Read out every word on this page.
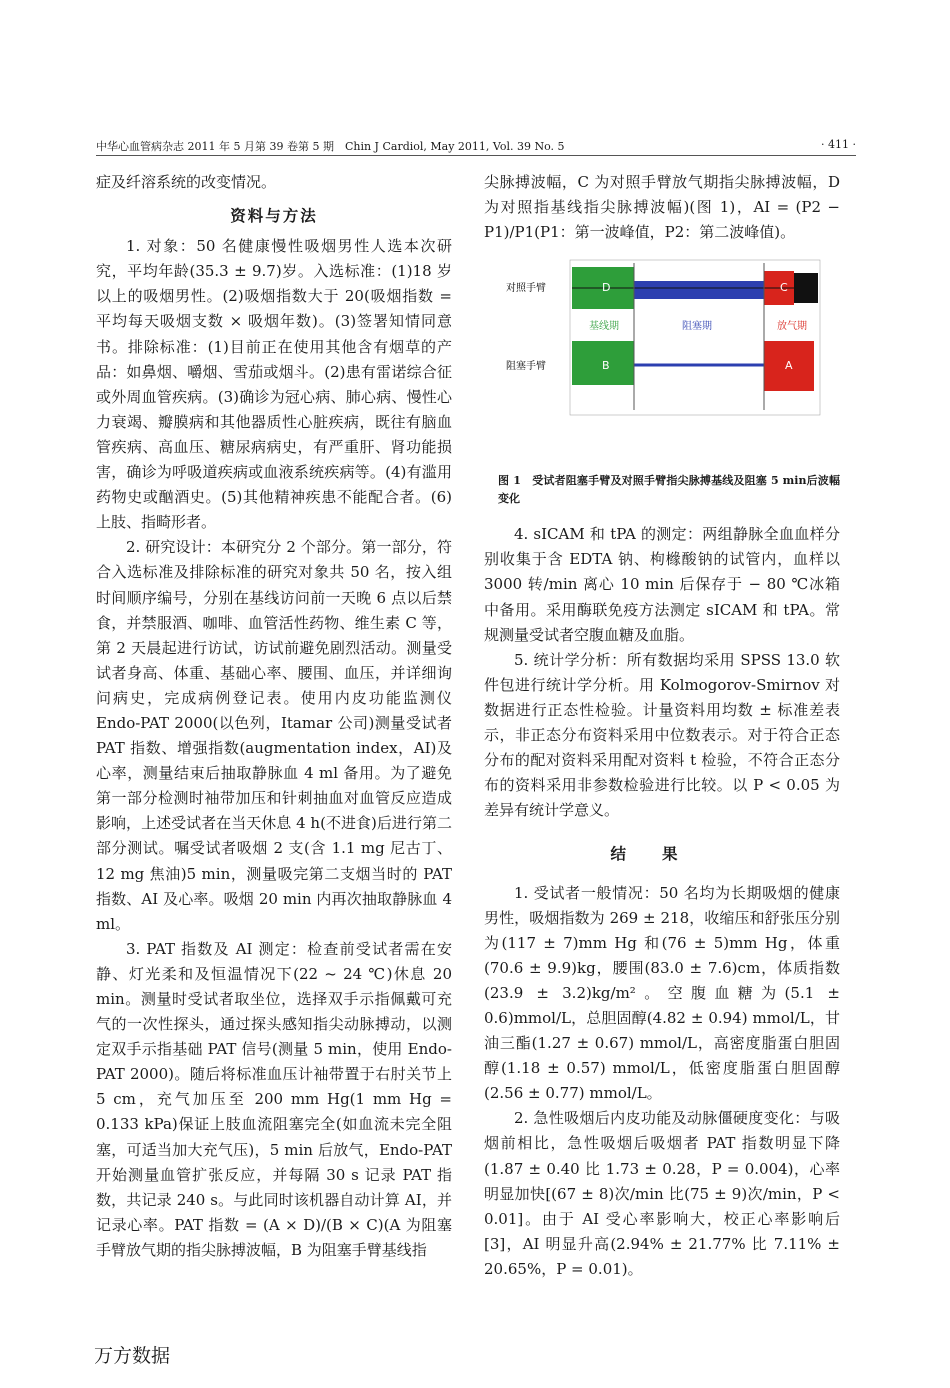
中华心血管病杂志 2011 年 5 月第 39 卷第 5 期　Chin J Cardiol, May 2011, Vol. 39 No. 5	· 411 ·

症及纤溶系统的改变情况。

资料与方法

1. 对象：50 名健康慢性吸烟男性人选本次研究，平均年龄(35.3 ± 9.7)岁。入选标准：(1)18 岁以上的吸烟男性。(2)吸烟指数大于 20(吸烟指数 = 平均每天吸烟支数 × 吸烟年数)。(3)签署知情同意书。排除标准：(1)目前正在使用其他含有烟草的产品：如鼻烟、嚼烟、雪茄或烟斗。(2)患有雷诺综合征或外周血管疾病。(3)确诊为冠心病、肺心病、慢性心力衰竭、瓣膜病和其他器质性心脏疾病，既往有脑血管疾病、高血压、糖尿病病史，有严重肝、肾功能损害，确诊为呼吸道疾病或血液系统疾病等。(4)有滥用药物史或酗酒史。(5)其他精神疾患不能配合者。(6)上肢、指畸形者。

2. 研究设计：本研究分 2 个部分。第一部分，符合入选标准及排除标准的研究对象共 50 名，按入组时间顺序编号，分别在基线访问前一天晚 6 点以后禁食，并禁服酒、咖啡、血管活性药物、维生素 C 等，第 2 天晨起进行访试，访试前避免剧烈活动。测量受试者身高、体重、基础心率、腰围、血压，并详细询问病史，完成病例登记表。使用内皮功能监测仪 Endo-PAT 2000(以色列，Itamar 公司)测量受试者 PAT 指数、增强指数(augmentation index，AI)及心率，测量结束后抽取静脉血 4 ml 备用。为了避免第一部分检测时袖带加压和针刺抽血对血管反应造成影响，上述受试者在当天休息 4 h(不进食)后进行第二部分测试。嘱受试者吸烟 2 支(含 1.1 mg 尼古丁、12 mg 焦油)5 min，测量吸完第二支烟当时的 PAT 指数、AI 及心率。吸烟 20 min 内再次抽取静脉血 4 ml。

3. PAT 指数及 AI 测定：检查前受试者需在安静、灯光柔和及恒温情况下(22 ~ 24 ℃)休息 20 min。测量时受试者取坐位，选择双手示指佩戴可充气的一次性探头，通过探头感知指尖动脉搏动，以测定双手示指基础 PAT 信号(测量 5 min，使用 Endo-PAT 2000)。随后将标准血压计袖带置于右肘关节上 5 cm，充气加压至 200 mm Hg(1 mm Hg = 0.133 kPa)保证上肢血流阻塞完全(如血流未完全阻塞，可适当加大充气压)，5 min 后放气，Endo-PAT 开始测量血管扩张反应，并每隔 30 s 记录 PAT 指数，共记录 240 s。与此同时该机器自动计算 AI，并记录心率。PAT 指数 = (A × D)/(B × C)(A 为阻塞手臂放气期的指尖脉搏波幅，B 为阻塞手臂基线指

尖脉搏波幅，C 为对照手臂放气期指尖脉搏波幅，D 为对照指基线指尖脉搏波幅)(图 1)，AI = (P2 − P1)/P1(P1：第一波峰值，P2：第二波峰值)。

对照手臂
阻塞手臂
D	C
B	A
基线期	阻塞期	放气期
图 1　受试者阻塞手臂及对照手臂指尖脉搏基线及阻塞 5 min后波幅变化

4. sICAM 和 tPA 的测定：两组静脉全血血样分别收集于含 EDTA 钠、枸橼酸钠的试管内，血样以 3000 转/min 离心 10 min 后保存于 − 80 ℃冰箱中备用。采用酶联免疫方法测定 sICAM 和 tPA。常规测量受试者空腹血糖及血脂。

5. 统计学分析：所有数据均采用 SPSS 13.0 软件包进行统计学分析。用 Kolmogorov-Smirnov 对数据进行正态性检验。计量资料用均数 ± 标准差表示，非正态分布资料采用中位数表示。对于符合正态分布的配对资料采用配对资料 t 检验，不符合正态分布的资料采用非参数检验进行比较。以 P < 0.05 为差异有统计学意义。

结果

1. 受试者一般情况：50 名均为长期吸烟的健康男性，吸烟指数为 269 ± 218，收缩压和舒张压分别为(117 ± 7)mm Hg 和(76 ± 5)mm Hg，体重(70.6 ± 9.9)kg，腰围(83.0 ± 7.6)cm，体质指数(23.9 ± 3.2)kg/m²。空腹血糖为(5.1 ± 0.6)mmol/L，总胆固醇(4.82 ± 0.94) mmol/L，甘油三酯(1.27 ± 0.67) mmol/L，高密度脂蛋白胆固醇(1.18 ± 0.57) mmol/L，低密度脂蛋白胆固醇(2.56 ± 0.77) mmol/L。

2. 急性吸烟后内皮功能及动脉僵硬度变化：与吸烟前相比，急性吸烟后吸烟者 PAT 指数明显下降(1.87 ± 0.40 比 1.73 ± 0.28，P = 0.004)，心率明显加快[(67 ± 8)次/min 比(75 ± 9)次/min，P < 0.01]。由于 AI 受心率影响大，校正心率影响后[3]，AI 明显升高(2.94% ± 21.77% 比 7.11% ± 20.65%，P = 0.01)。

万方数据
